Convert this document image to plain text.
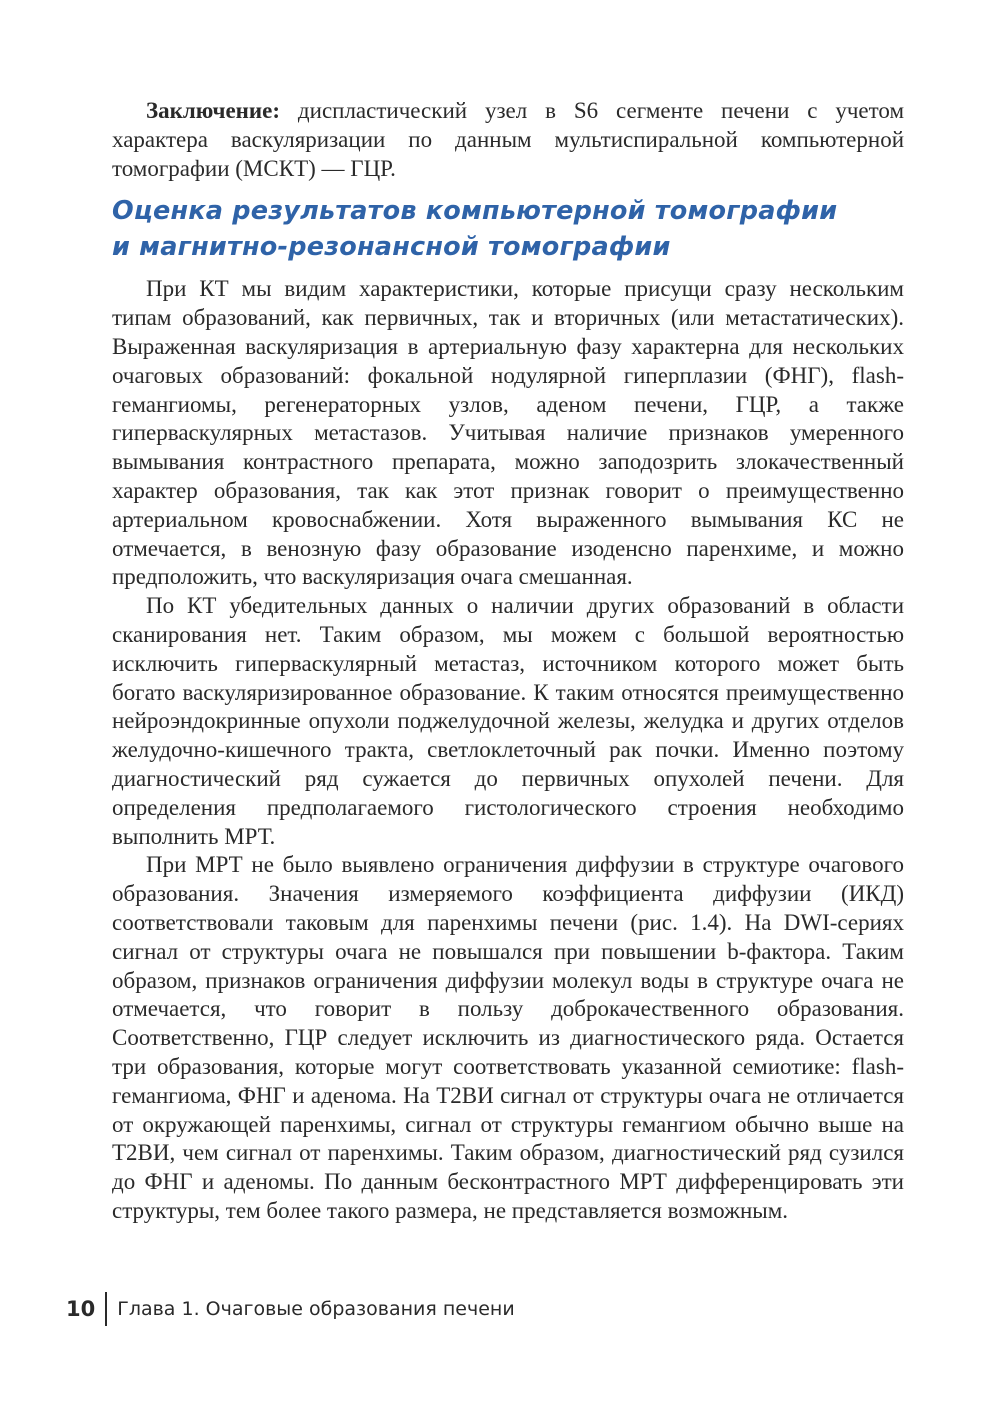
Заключение: диспластический узел в S6 сегменте печени с учетом характера васкуляризации по данным мультиспиральной компьютерной томографии (МСКТ) — ГЦР.

Оценка результатов компьютерной томографии
и магнитно-резонансной томографии

При КТ мы видим характеристики, которые присущи сразу нескольким типам образований, как первичных, так и вторичных (или метастатических). Выраженная васкуляризация в артериальную фазу характерна для нескольких очаговых образований: фокальной нодулярной гиперплазии (ФНГ), flash-гемангиомы, регенераторных узлов, аденом печени, ГЦР, а также гиперваскулярных метастазов. Учитывая наличие признаков умеренного вымывания контрастного препарата, можно заподозрить злокачественный характер образования, так как этот признак говорит о преимущественно артериальном кровоснабжении. Хотя выраженного вымывания КС не отмечается, в венозную фазу образование изоденсно паренхиме, и можно предположить, что васкуляризация очага смешанная.

По КТ убедительных данных о наличии других образований в области сканирования нет. Таким образом, мы можем с большой вероятностью исключить гиперваскулярный метастаз, источником которого может быть богато васкуляризированное образование. К таким относятся преимущественно нейроэндокринные опухоли поджелудочной железы, желудка и других отделов желудочно-кишечного тракта, светлоклеточный рак почки. Именно поэтому диагностический ряд сужается до первичных опухолей печени. Для определения предполагаемого гистологического строения необходимо выполнить МРТ.

При МРТ не было выявлено ограничения диффузии в структуре очагового образования. Значения измеряемого коэффициента диффузии (ИКД) соответствовали таковым для паренхимы печени (рис. 1.4). На DWI-сериях сигнал от структуры очага не повышался при повышении b-фактора. Таким образом, признаков ограничения диффузии молекул воды в структуре очага не отмечается, что говорит в пользу доброкачественного образования. Соответственно, ГЦР следует исключить из диагностического ряда. Остается три образования, которые могут соответствовать указанной семиотике: flash-гемангиома, ФНГ и аденома. На Т2ВИ сигнал от структуры очага не отличается от окружающей паренхимы, сигнал от структуры гемангиом обычно выше на Т2ВИ, чем сигнал от паренхимы. Таким образом, диагностический ряд сузился до ФНГ и аденомы. По данным бесконтрастного МРТ дифференцировать эти структуры, тем более такого размера, не представляется возможным.

10	Глава 1. Очаговые образования печени
